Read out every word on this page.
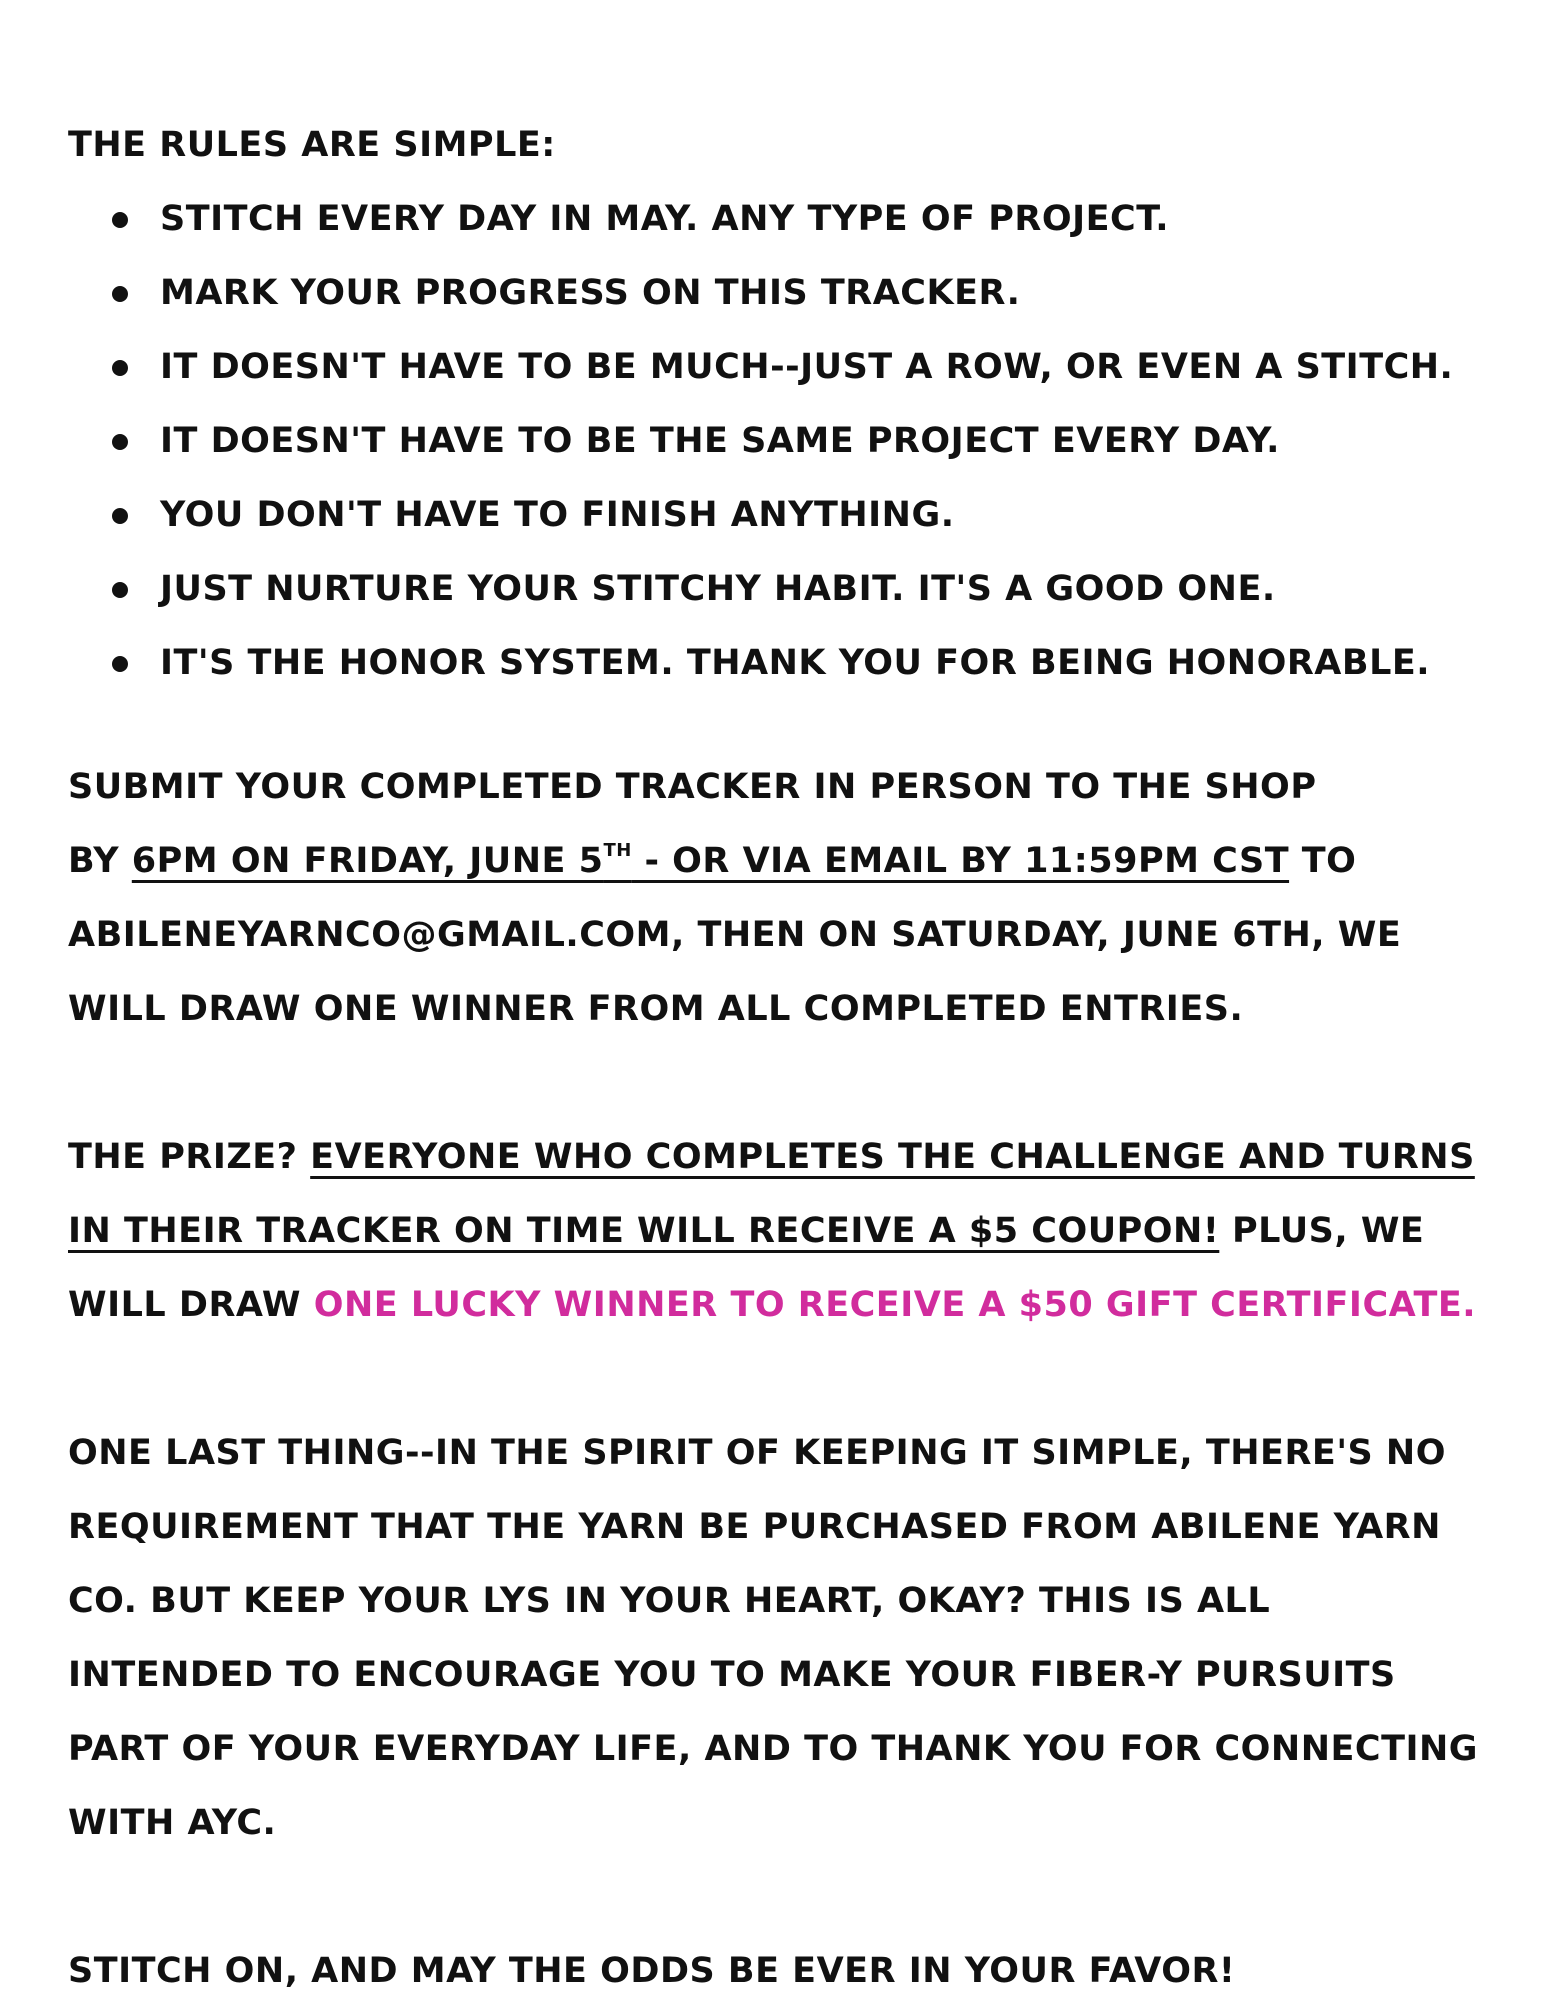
THE RULES ARE SIMPLE:

STITCH EVERY DAY IN MAY. ANY TYPE OF PROJECT.
MARK YOUR PROGRESS ON THIS TRACKER.
IT DOESN'T HAVE TO BE MUCH--JUST A ROW, OR EVEN A STITCH.
IT DOESN'T HAVE TO BE THE SAME PROJECT EVERY DAY.
YOU DON'T HAVE TO FINISH ANYTHING.
JUST NURTURE YOUR STITCHY HABIT. IT'S A GOOD ONE.
IT'S THE HONOR SYSTEM. THANK YOU FOR BEING HONORABLE.

SUBMIT YOUR COMPLETED TRACKER IN PERSON TO THE SHOP
BY 6PM ON FRIDAY, JUNE 5TH - OR VIA EMAIL BY 11:59PM CST TO ABILENEYARNCO@GMAIL.COM, THEN ON SATURDAY, JUNE 6TH, WE WILL DRAW ONE WINNER FROM ALL COMPLETED ENTRIES.

THE PRIZE? EVERYONE WHO COMPLETES THE CHALLENGE AND TURNS IN THEIR TRACKER ON TIME WILL RECEIVE A $5 COUPON! PLUS, WE WILL DRAW ONE LUCKY WINNER TO RECEIVE A $50 GIFT CERTIFICATE.

ONE LAST THING--IN THE SPIRIT OF KEEPING IT SIMPLE, THERE'S NO REQUIREMENT THAT THE YARN BE PURCHASED FROM ABILENE YARN CO. BUT KEEP YOUR LYS IN YOUR HEART, OKAY? THIS IS ALL INTENDED TO ENCOURAGE YOU TO MAKE YOUR FIBER-Y PURSUITS PART OF YOUR EVERYDAY LIFE, AND TO THANK YOU FOR CONNECTING WITH AYC.

STITCH ON, AND MAY THE ODDS BE EVER IN YOUR FAVOR!
